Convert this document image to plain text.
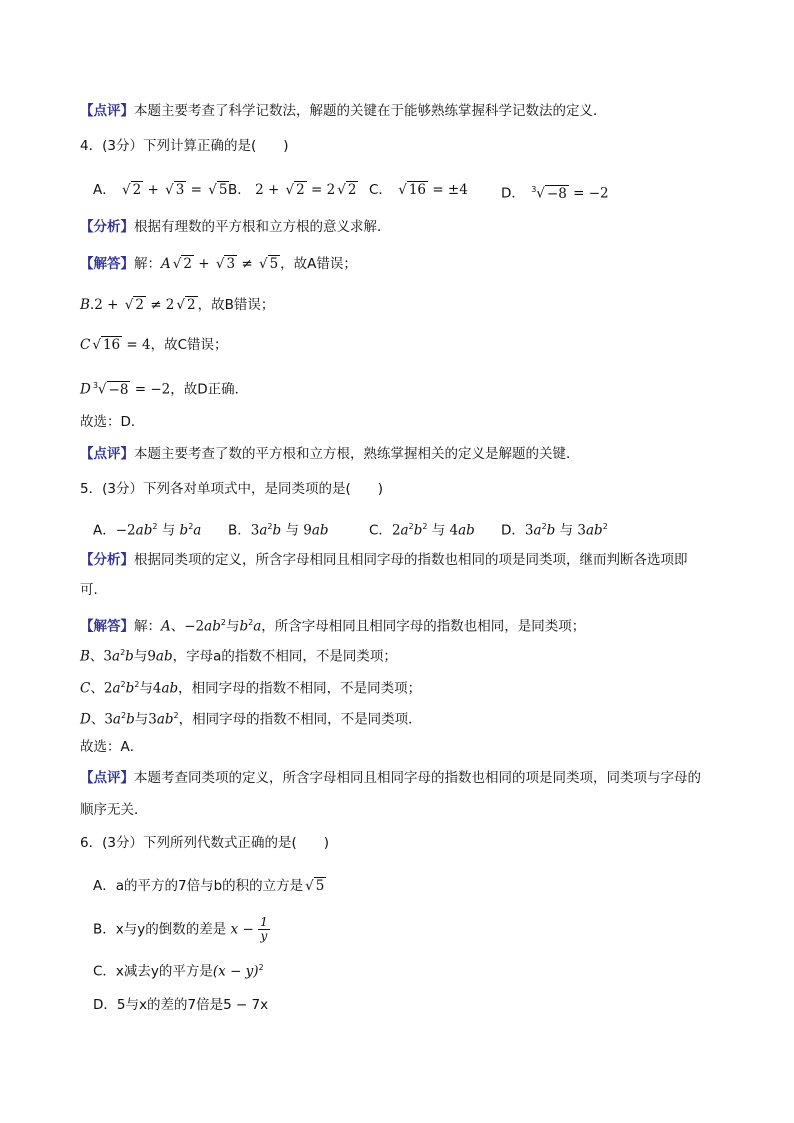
【点评】本题主要考查了科学记数法，解题的关键在于能够熟练掌握科学记数法的定义．
4．(3分）下列计算正确的是(　　)
A． √ 2 + √ 3 = √ 5 B． 2 + √ 2 = 2 √ 2 C． √ 16 = ±4 D． $^3$√ −8 = −2
【分析】根据有理数的平方根和立方根的意义求解．
【解答】解：A √ 2 + √ 3 ≠ √ 5 ，故A错误；
B.2 + √ 2 ≠ 2 √ 2 ，故B错误；
C √ 16 = 4，故C错误；
D $^3$√ −8 = −2，故D正确．
故选：D．
【点评】本题主要考查了数的平方根和立方根，熟练掌握相关的定义是解题的关键．
5．(3分）下列各对单项式中，是同类项的是(　　)
A．$-2ab^2$ 与 $b^2a$ B．$3a^2b$ 与 9ab	C．$2a^2b^2$ 与 4ab D．$3a^2b$ 与 $3ab^2$
【分析】根据同类项的定义，所含字母相同且相同字母的指数也相同的项是同类项，继而判断各选项即
可．
【解答】解：A、$-2ab^2$与$b^2a$，所含字母相同且相同字母的指数也相同，是同类项；
B、$3a^2b$与9ab，字母a的指数不相同，不是同类项；
C、$2a^2b^2$与4ab，相同字母的指数不相同，不是同类项；
D、$3a^2b$与$3ab^2$，相同字母的指数不相同，不是同类项．
故选：A．
【点评】本题考查同类项的定义，所含字母相同且相同字母的指数也相同的项是同类项，同类项与字母的
顺序无关．
6．(3分）下列所列代数式正确的是(　　)
A．a的平方的7倍与b的积的立方是 √ 5
B．x与y的倒数的差是 $x - \frac{1}{y}$
C．x减去y的平方是$(x - y)^2$
D．5与x的差的7倍是5 − 7x
